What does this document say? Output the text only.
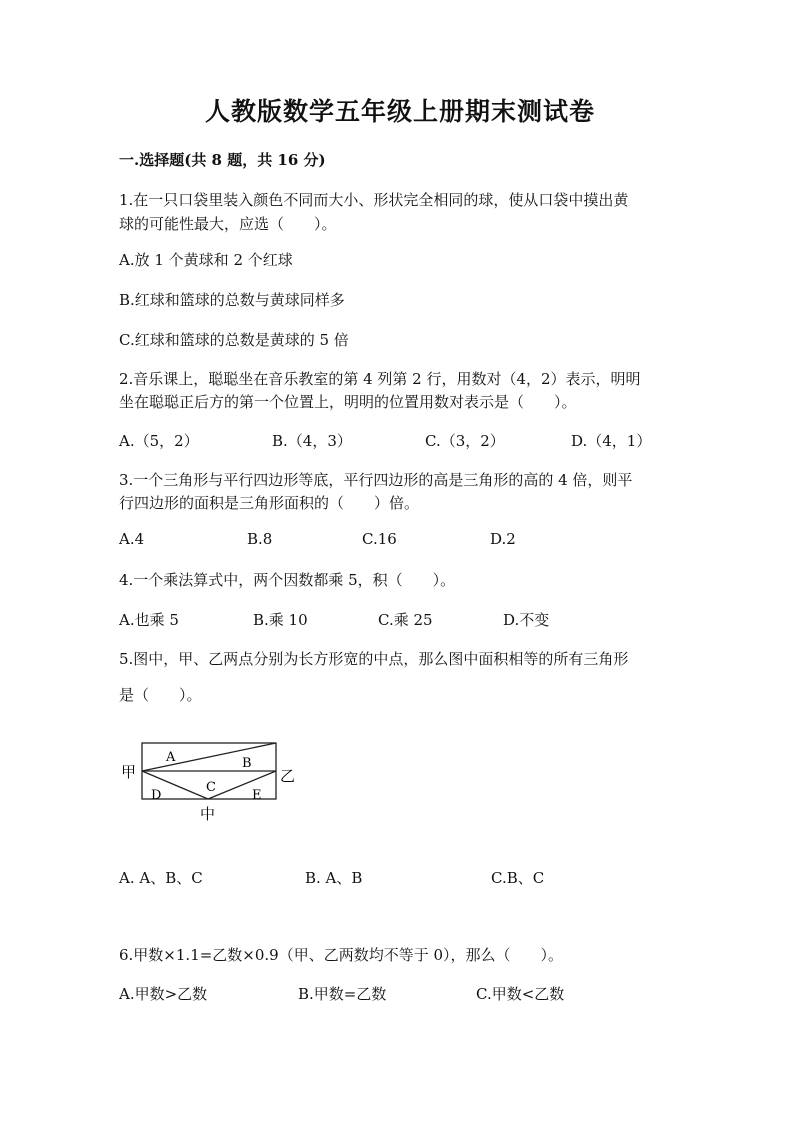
人教版数学五年级上册期末测试卷
一.选择题(共 8 题，共 16 分)
1.在一只口袋里装入颜色不同而大小、形状完全相同的球，使从口袋中摸出黄
球的可能性最大，应选（　　）。
A.放 1 个黄球和 2 个红球
B.红球和篮球的总数与黄球同样多
C.红球和篮球的总数是黄球的 5 倍
2.音乐课上，聪聪坐在音乐教室的第 4 列第 2 行，用数对（4，2）表示，明明
坐在聪聪正后方的第一个位置上，明明的位置用数对表示是（　　）。
A.（5，2）	B.（4，3）	C.（3，2）	D.（4，1）
3.一个三角形与平行四边形等底，平行四边形的高是三角形的高的 4 倍，则平
行四边形的面积是三角形面积的（　　）倍。
A.4	B.8	C.16	D.2
4.一个乘法算式中，两个因数都乘 5，积（　　）。
A.也乘 5	B.乘 10	C.乘 25	D.不变
5.图中，甲、乙两点分别为长方形宽的中点，那么图中面积相等的所有三角形
是（　　）。
甲	乙
中
A	B
C
D	E
A. A、B、C	B. A、B	C.B、C
6.甲数×1.1=乙数×0.9（甲、乙两数均不等于 0），那么（　　）。
A.甲数>乙数	B.甲数=乙数	C.甲数<乙数
